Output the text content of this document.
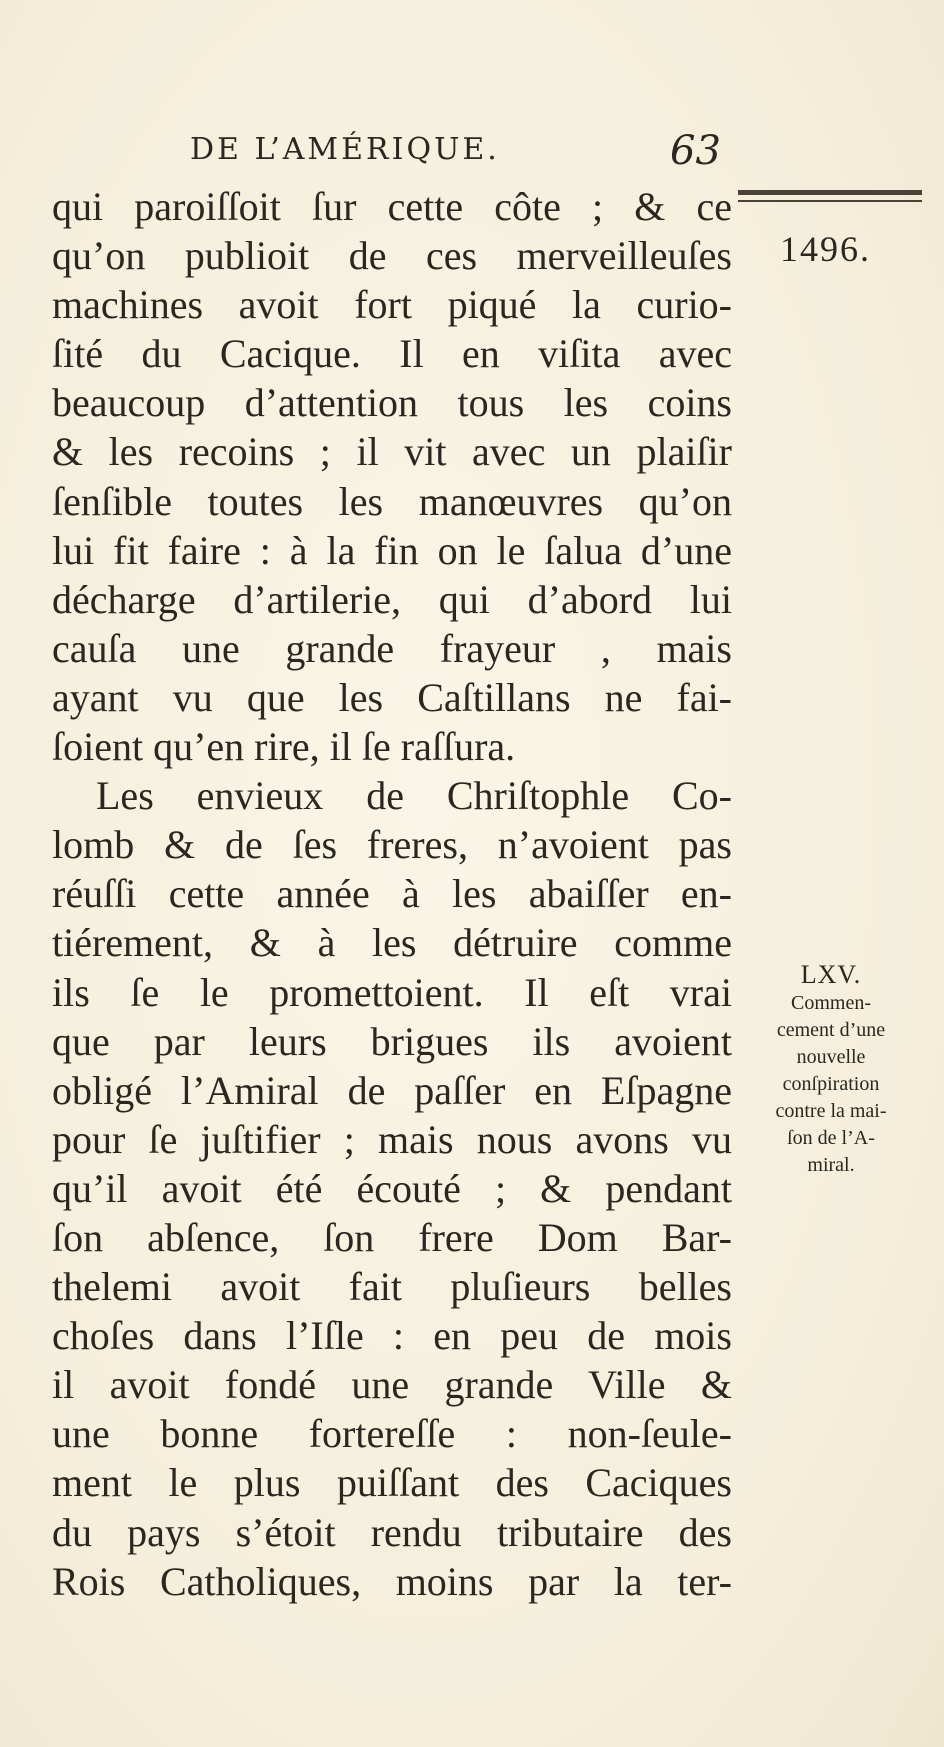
DE L’AMÉRIQUE.	63
1496.
qui paroiſſoit ſur cette côte ; & ce
qu’on publioit de ces merveilleuſes
machines avoit fort piqué la curio-
ſité du Cacique. Il en viſita avec
beaucoup d’attention tous les coins
& les recoins ; il vit avec un plaiſir
ſenſible toutes les manœuvres qu’on
lui fit faire : à la fin on le ſalua d’une
décharge d’artilerie, qui d’abord lui
cauſa une grande frayeur , mais
ayant vu que les Caſtillans ne fai-
ſoient qu’en rire, il ſe raſſura.
Les envieux de Chriſtophle Co-
lomb & de ſes freres, n’avoient pas
réuſſi cette année à les abaiſſer en-
tiérement, & à les détruire comme
ils ſe le promettoient. Il eſt vrai
que par leurs brigues ils avoient
obligé l’Amiral de paſſer en Eſpagne
pour ſe juſtifier ; mais nous avons vu
qu’il avoit été écouté ; & pendant
ſon abſence, ſon frere Dom Bar-
thelemi avoit fait pluſieurs belles
choſes dans l’Iſle : en peu de mois
il avoit fondé une grande Ville &
une bonne fortereſſe : non-ſeule-
ment le plus puiſſant des Caciques
du pays s’étoit rendu tributaire des
Rois Catholiques, moins par la ter-
LXV.
Commen-
cement d’une
nouvelle
conſpiration
contre la mai-
ſon de l’A-
miral.
